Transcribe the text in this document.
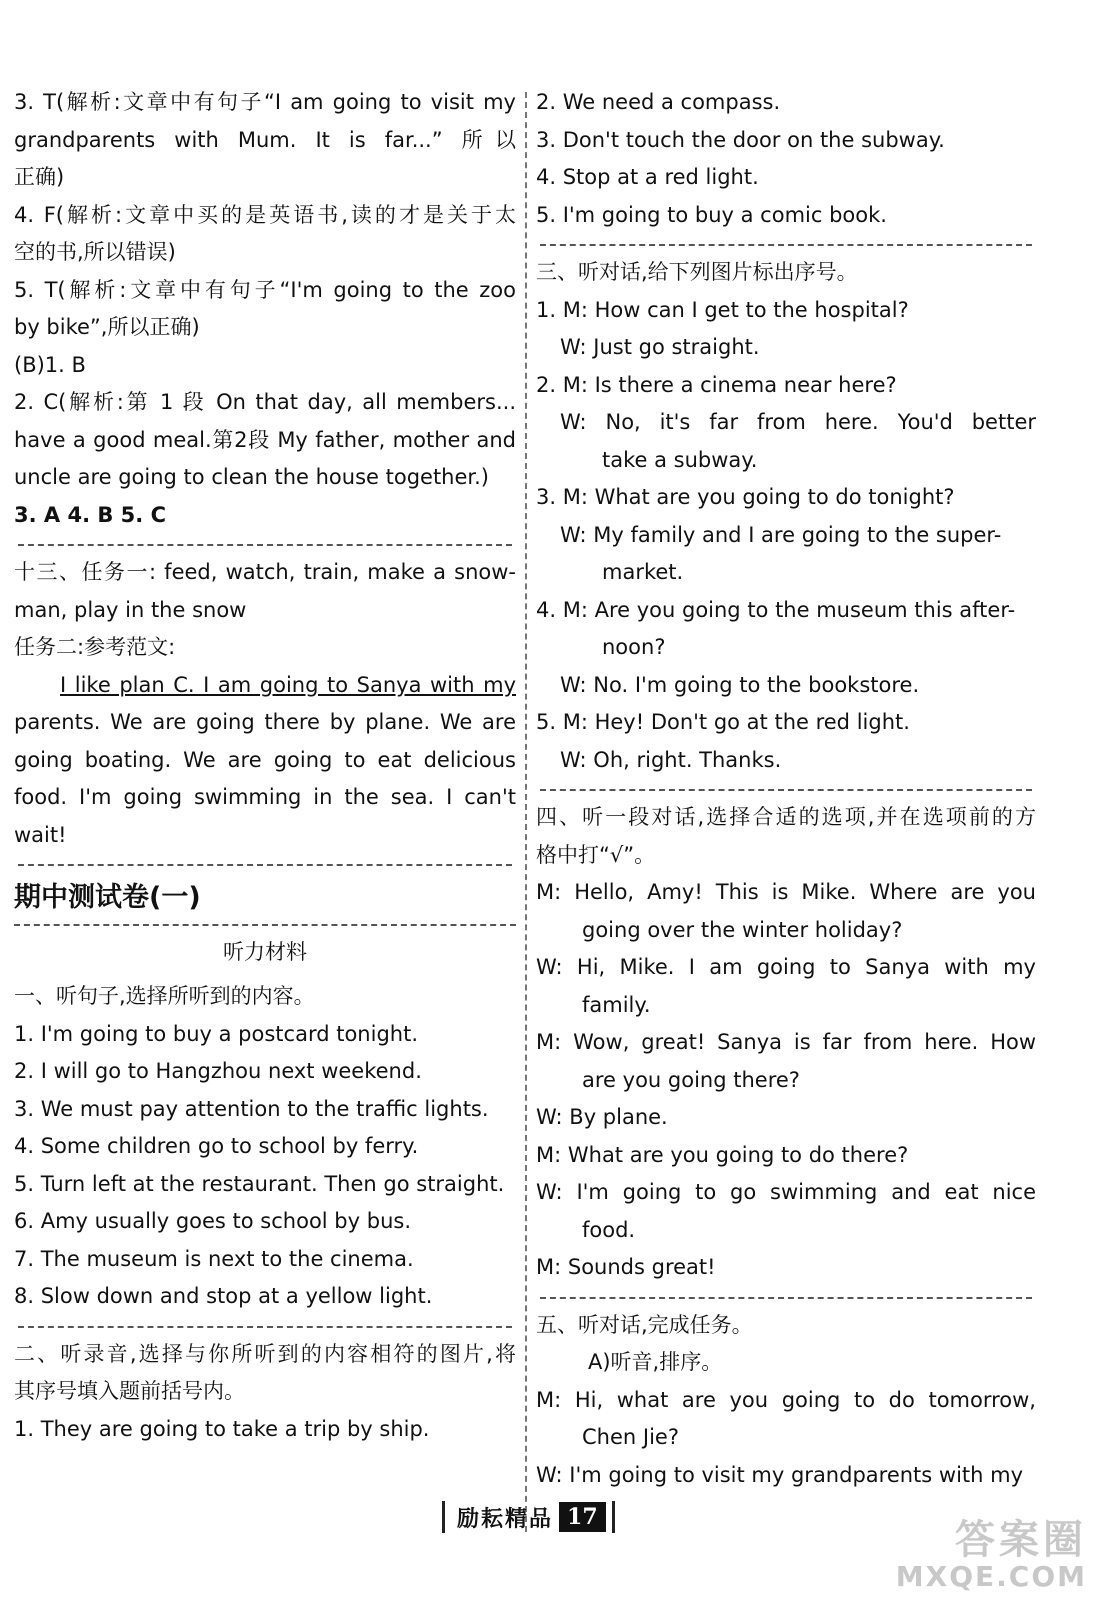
3. T(解析:文章中有句子“I am going to visit my
grandparents with Mum. It is far...” 所以
正确)
4. F(解析:文章中买的是英语书,读的才是关于太
空的书,所以错误)
5. T(解析:文章中有句子“I'm going to the zoo
by bike”,所以正确)
(B)1. B
2. C(解析:第 1 段 On that day, all members...
have a good meal.第2段 My father, mother and
uncle are going to clean the house together.)
3. A 4. B 5. C
十三、任务一: feed, watch, train, make a snow-
man, play in the snow
任务二:参考范文:
I like plan C. I am going to Sanya with my
parents. We are going there by plane. We are
going boating. We are going to eat delicious
food. I'm going swimming in the sea. I can't
wait!
期中测试卷(一)
听力材料
一、听句子,选择所听到的内容。
1. I'm going to buy a postcard tonight.
2. I will go to Hangzhou next weekend.
3. We must pay attention to the traffic lights.
4. Some children go to school by ferry.
5. Turn left at the restaurant. Then go straight.
6. Amy usually goes to school by bus.
7. The museum is next to the cinema.
8. Slow down and stop at a yellow light.
二、听录音,选择与你所听到的内容相符的图片,将
其序号填入题前括号内。
1. They are going to take a trip by ship.
2. We need a compass.
3. Don't touch the door on the subway.
4. Stop at a red light.
5. I'm going to buy a comic book.
三、听对话,给下列图片标出序号。
1. M: How can I get to the hospital?
W: Just go straight.
2. M: Is there a cinema near here?
W: No, it's far from here. You'd better
take a subway.
3. M: What are you going to do tonight?
W: My family and I are going to the super-
market.
4. M: Are you going to the museum this after-
noon?
W: No. I'm going to the bookstore.
5. M: Hey! Don't go at the red light.
W: Oh, right. Thanks.
四、听一段对话,选择合适的选项,并在选项前的方
格中打“√”。
M: Hello, Amy! This is Mike. Where are you
going over the winter holiday?
W: Hi, Mike. I am going to Sanya with my
family.
M: Wow, great! Sanya is far from here. How
are you going there?
W: By plane.
M: What are you going to do there?
W: I'm going to go swimming and eat nice
food.
M: Sounds great!
五、听对话,完成任务。
A)听音,排序。
M: Hi, what are you going to do tomorrow,
Chen Jie?
W: I'm going to visit my grandparents with my
励耘精品 17	答案圈
MXQE.COM
